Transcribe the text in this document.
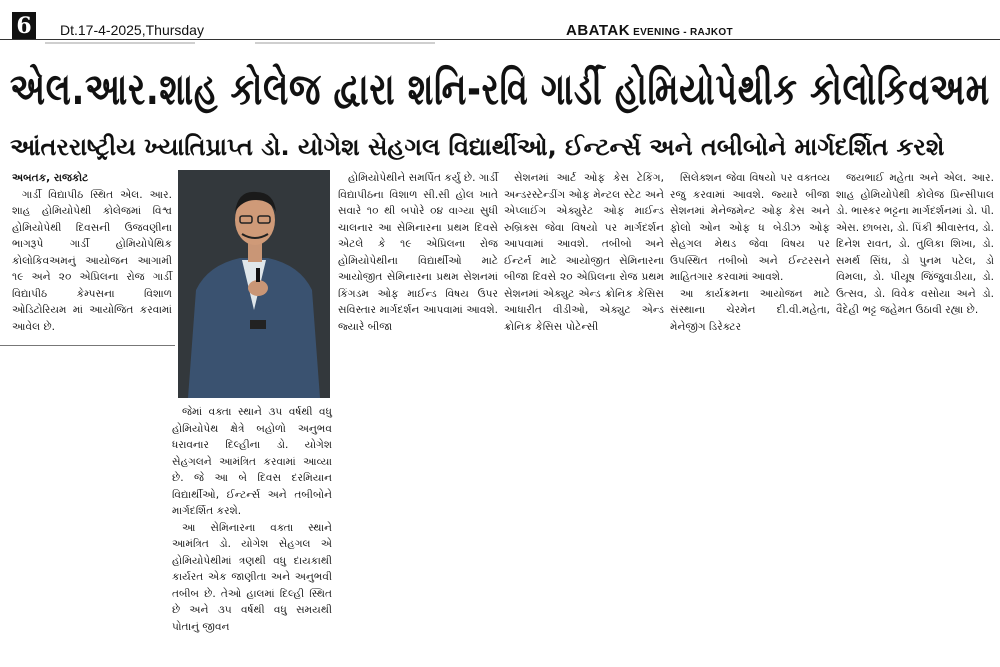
6	Dt.17-4-2025,Thursday	ABATAK EVENING - RAJKOT
એલ.આર.શાહ કોલેજ દ્વારા શનિ-રવિ ગાર્ડી હોમિયોપેથીક કોલોકિવઅમ
આંતરરાષ્ટ્રીય ખ્યાતિપ્રાપ્ત ડો. યોગેશ સેહગલ વિદ્યાર્થીઓ, ઈન્ટર્ન્સ અને તબીબોને માર્ગદર્શિત કરશે

અબતક, રાજકોટ

ગાર્ડી વિદ્યાપીઠ સ્થિત એલ. આર. શાહ હોમિયોપેથી કોલેજમાં વિશ્વ હોમિયોપેથી દિવસની ઉજવણીના ભાગરૂપે ગાર્ડી હોમિયોપેથિક કોલોકિવઅમનું આયોજન આગામી ૧૯ અને ૨૦ એપ્રિલના રોજ ગાર્ડી વિદ્યાપીઠ કેમ્પસના વિશાળ ઓડિટોરિયમ માં આયોજિત કરવામાં આવેલ છે.

જેમાં વક્તા સ્થાને ૩૫ વર્ષથી વધુ હોમિયોપેથ ક્ષેત્રે બહોળો અનુભવ ધરાવનાર દિલ્હીના ડો. યોગેશ સેહગલને આમંત્રિત કરવામાં આવ્યા છે. જે આ બે દિવસ દરમિયાન વિદ્યાર્થીઓ, ઈન્ટર્ન્સ અને તબીબોને માર્ગદર્શિત કરશે.

આ સેમિનારના વક્તા સ્થાને આમંત્રિત ડો. યોગેશ સેહગલ એ હોમિયોપેથીમાં ત્રણથી વધુ દાયકાથી કાર્યરત એક જાણીતા અને અનુભવી તબીબ છે. તેઓ હાલમાં દિલ્હી સ્થિત છે અને ૩૫ વર્ષથી વધુ સમયથી પોતાનું જીવન

હોમિયોપેથીને સમર્પિત કર્યું છે. ગાર્ડી વિદ્યાપીઠના વિશાળ સી.સી હોલ ખાતે સવારે ૧૦ થી બપોરે ૦૪ વાગ્યા સુધી ચાલનાર આ સેમિનારના પ્રથમ દિવસે એટલે કે ૧૯ એપ્રિલના રોજ હોમિયોપેથીના વિદ્યાર્થીઓ માટે આયોજીત સેમિનારના પ્રથમ સેશનમાં કિંગડમ ઓફ માઈન્ડ વિષય ઉપર સવિસ્તાર માર્ગદર્શન આપવામાં આવશે. જ્યારે બીજા

સેશનમાં આર્ટ ઓફ કેસ ટેકિંગ, અન્ડરસ્ટેન્ડીંગ ઓફ મેન્ટલ સ્ટેટ અને એપ્લાઈંગ એક્યુરેટ ઓફ માઈન્ડ રુબ્રિક્સ જેવા વિષયો પર માર્ગદર્શન આપવામાં આવશે. તબીબો અને ઈન્ટર્ન માટે આયોજીત સેમિનારના બીજા દિવસે ૨૦ એપ્રિલના રોજ પ્રથમ સેશનમાં એક્યુટ એન્ડ ક્રોનિક કેસિસ આધારીત વીડીઓ, એક્યુટ એન્ડ ક્રોનિક કેસિસ પોટેન્સી

સિલેક્શન જેવા વિષયો પર વક્તવ્ય રજુ કરવામાં આવશે. જ્યારે બીજા સેશનમાં મેનેજમેન્ટ ઓફ કેસ અને ફોલો ઓન ઓફ ધ બેડીઝ ઓફ સેહગલ મેથડ જેવા વિષય પર ઉપસ્થિત તબીબો અને ઈન્ટરસને માહિતગાર કરવામાં આવશે.

આ કાર્યક્રમના આયોજન માટે સંસ્થાના ચેરમેન દી.વી.મહેતા, મેનેજીંગ ડિરેક્ટર

જયભાઈ મહેતા અને એલ. આર. શાહ હોમિયોપેથી કોલેજ પ્રિન્સીપાલ ડો. ભાસ્કર ભટ્ટના માર્ગદર્શનમાં ડો. પી. એસ. છાબરા, ડો. પિંકી શ્રીવાસ્તવ, ડો. દિનેશ રાવત, ડો. તુલિકા શિખા, ડો. સમર્થ સિંઘ, ડો પુનમ પટેલ, ડો વિમલા, ડો. પીયૂષ જિંજુવાડીયા, ડો. ઉત્સવ, ડો. વિવેક વસોયા અને ડો. વૈદેહી ભટ્ટ જહેમત ઉઠાવી રહ્યા છે.
